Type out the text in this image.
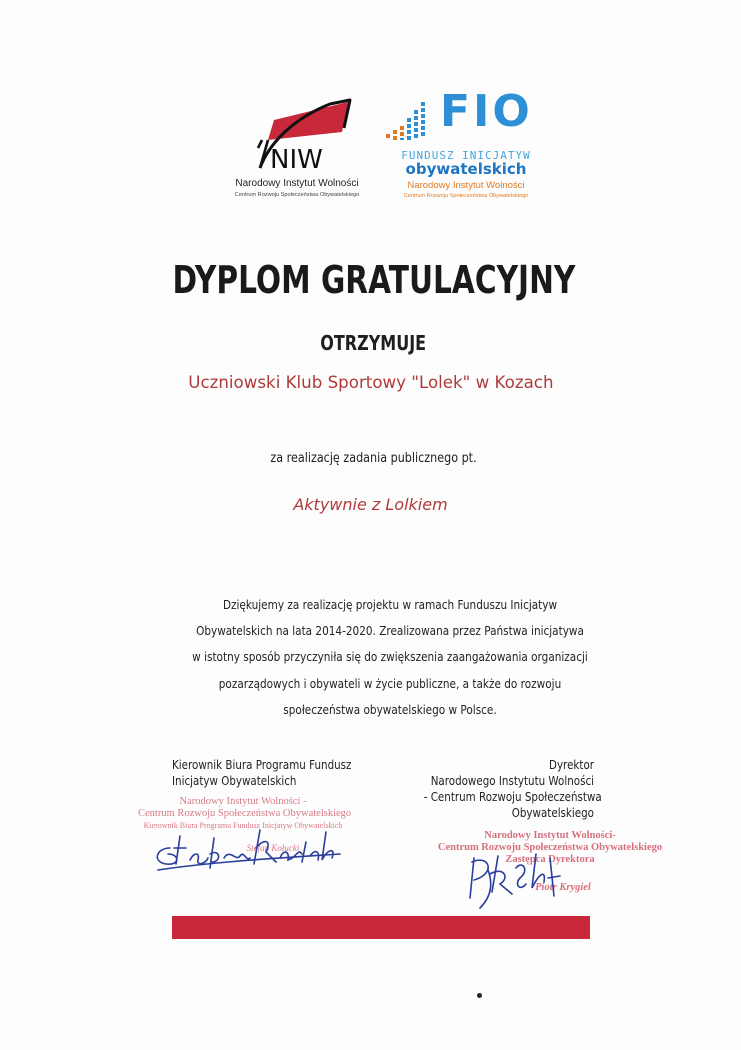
NIW
Narodowy Instytut Wolności
Centrum Rozwoju Społeczeństwa Obywatelskiego
FIO
FUNDUSZ INICJATYW
obywatelskich
Narodowy Instytut Wolności
Centrum Rozwoju Społeczeństwa Obywatelskiego
DYPLOM GRATULACYJNY
OTRZYMUJE
Uczniowski Klub Sportowy "Lolek" w Kozach
za realizację zadania publicznego pt.
Aktywnie z Lolkiem
Dziękujemy za realizację projektu w ramach Funduszu Inicjatyw
Obywatelskich na lata 2014-2020. Zrealizowana przez Państwa inicjatywa
w istotny sposób przyczyniła się do zwiększenia zaangażowania organizacji
pozarządowych i obywateli w życie publiczne, a także do rozwoju
społeczeństwa obywatelskiego w Polsce.
Kierownik Biura Programu Fundusz
Inicjatyw Obywatelskich
Narodowy Instytut Wolności -
Centrum Rozwoju Społeczeństwa Obywatelskiego
Kierownik Biura Programu Fundusz Inicjatyw Obywatelskich
Stefan Kołucki
Dyrektor
Narodowego Instytutu Wolności
- Centrum Rozwoju Społeczeństwa
Obywatelskiego
Narodowy Instytut Wolności-
Centrum Rozwoju Społeczeństwa Obywatelskiego
Zastępca Dyrektora
Piotr Krygiel
